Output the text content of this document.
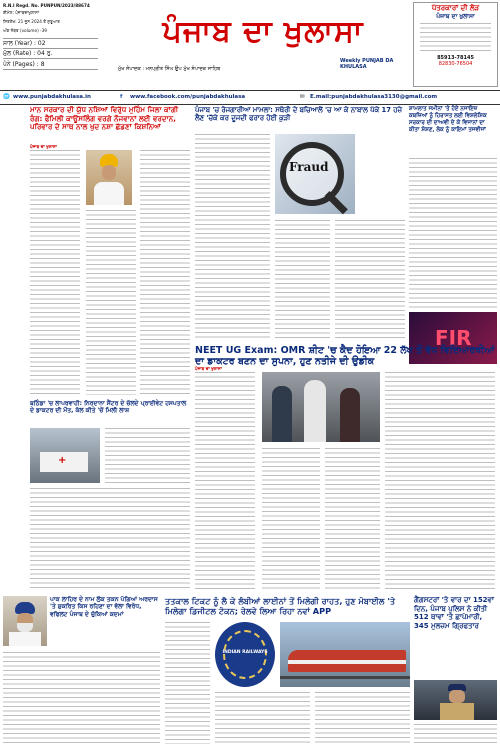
R.N.I Regd. No. PUNPUN/2023/88674
ਈਮੇਲ: ਪੰਜਾਬਦਾਖੁਲਾਸਾ
ਸਿਰਲੇਖ: 21 ਜੂਨ 2024 ਤੋਂ ਸ਼ੁਰੂਆਤ
ਅੰਕ ਨੰਬਰ (volume) -39
ਸਾਲ (Year) : 02
ਮੁੱਲ (Rate) : 04 ਰੁ.
ਪੰਨੇ (Pages) : 8
ਪੰਜਾਬ ਦਾ ਖੁਲਾਸਾ
ਮੁੱਖ ਸੰਪਾਦਕ : ਮਨਪ੍ਰੀਤ ਸਿੰਘ ਉਪ ਮੁੱਖ ਸੰਪਾਦਕ ਸਾਹਿਬ
Weekly PUNJAB DA KHULASA
ਪੱਤਰਕਾਰਾਂ ਦੀ ਲੋੜ
ਪੰਜਾਬ ਦਾ ਖੁਲਾਸਾ
85913-78145
82830-76504
🌐 www.punjabdakhulasa.in	f www.facebook.com/punjabdakhulasa	✉ E.mail:punjabdakhulasa3130@gmail.com
ਮਾਨ ਸਰਕਾਰ ਦੀ ਯੁੱਧ ਨਸ਼ਿਆਂ ਵਿਰੁੱਧ ਮੁਹਿੰਮ ਜਿਲਾ ਕਾਂਗੀ ਰੰਗ: ਫੈਮਿਲੀ ਕਾਊਂਸਲਿੰਗ ਵਰਗੇ ਨੌਜਵਾਨਾਂ ਲਈ ਵਰਦਾਨ, ਪਰਿਵਾਰ ਦੇ ਸਾਥ ਨਾਲ ਖੁਦ ਨਸ਼ਾ ਛੱਡਣਾਂ ਕਿਸ਼ਨਿਆਂ
ਪੰਜਾਬ 'ਚ ਰੋਜਗਾਰੀਆ ਮਾਮਲਾ: ਸਥੋਰੀ ਦੇ ਬਚਿਆਲੋਂ 'ਚ ਆ ਕੇ ਨਾਬਾਲ ਪੱਕੇ 17 ਹਜ਼ੇ ਲੈਣ 'ਚੱਕੇ ਕਰ ਦੂਜਦੀ ਫਰਾਰ ਹੋਈ ਕੁੜੀ
Fraud
ਸ਼ਾਮਲਾਤ ਜਮੀਨਾਂ 'ਤੇ ਹੋਏ ਨਜਾਇਜ਼ ਕਬਜ਼ਿਆਂ ਨੂੰ ਹਿਰਾਸਤ ਲਈ ਵਿਸ਼ਲੇਸ਼ਿਕ ਸਰਕਾਰ ਦੀ ਦਾਅਵੀ ਦੇ ਕੇ ਵਿਜਾਨਾਂ ਦਾ ਕੀਤਾ ਸ਼ੋਸ਼ਣ, ਲੋਕ ਨੂੰ ਕਾਇਮਾਂ ਤਜਵੀਜਾਂ
FIR
NEET UG Exam: OMR ਸ਼ੀਟ 'ਚ ਕੈਦ ਹੋਇਆ 22 ਲੱਖ ਤੋਂ ਵੱਧ ਵਿਦਿਆਰਥੀਆਂ ਦਾ ਡਾਕਟਰ ਬਣਨ ਦਾ ਸੁਪਨਾ, ਹੁਣ ਨਤੀਜੇ ਦੀ ਉਡੀਕ
ਬਠਿੰਡਾ 'ਚ ਲਾਪਰਵਾਹੀ: ਨਿਰਦਾਨਾ ਸੈਂਟਰ ਦੇ ਚੱਲਦੇ ਪ੍ਰਾਈਵੇਟ ਹਸਪਤਾਲ ਦੇ ਡਾਕਟਰ ਦੀ ਮੌਤ, ਕੱਲ ਕੀਤੇ 'ਚੋਂ ਮਿਲੀ ਲਾਸ਼
+
ਪਾਕ ਲਾਹਿਰ ਦੇ ਨਾਮ ਲੁੱਕ ਤਕਨ ਪੱਗਿਆਂ ਅਰਦਾਸ 'ਤੇ ਸ਼ੁਕਰਿਤ ਕਿਸ ਰਹਿਣਾ ਦਾ ਵੱਲਾ ਵਿਰੋਧ, ਵਫਿਲਟ ਪੰਜਾਬ ਦੇ ਚੁੱਕਿਆਂ ਕਦਮਾਂ
ਤਤਕਾਲ ਟਿਕਟ ਨੂੰ ਲੈ ਕੇ ਲੰਬੀਆਂ ਲਾਈਨਾਂ ਤੋਂ ਮਿਲੇਗੀ ਰਾਹਤ, ਹੁਣ ਮੋਬਾਈਲ 'ਤੇ ਮਿਲੇਗਾ ਡਿਜੀਟਲ ਟੋਕਨ; ਰੇਲਵੇ ਲਿਆ ਰਿਹਾ ਨਵਾਂ APP
INDIAN RAILWAYS
ਗੈਂਗਸਟਰਾਂ 'ਤੇ ਵਾਰ ਦਾ 152ਵਾਂ ਦਿਨ, ਪੰਜਾਬ ਪੁਲਿਸ ਨੇ ਕੀਤੀ 512 ਥਾਵਾਂ 'ਤੇ ਛਾਪੇਮਾਰੀ, 345 ਮੁਲਜ਼ਮ ਗ੍ਰਿਫਤਾਰ
ਪੰਜਾਬ ਦਾ ਖੁਲਾਸਾ
ਪੰਜਾਬ ਦਾ ਖੁਲਾਸਾ
